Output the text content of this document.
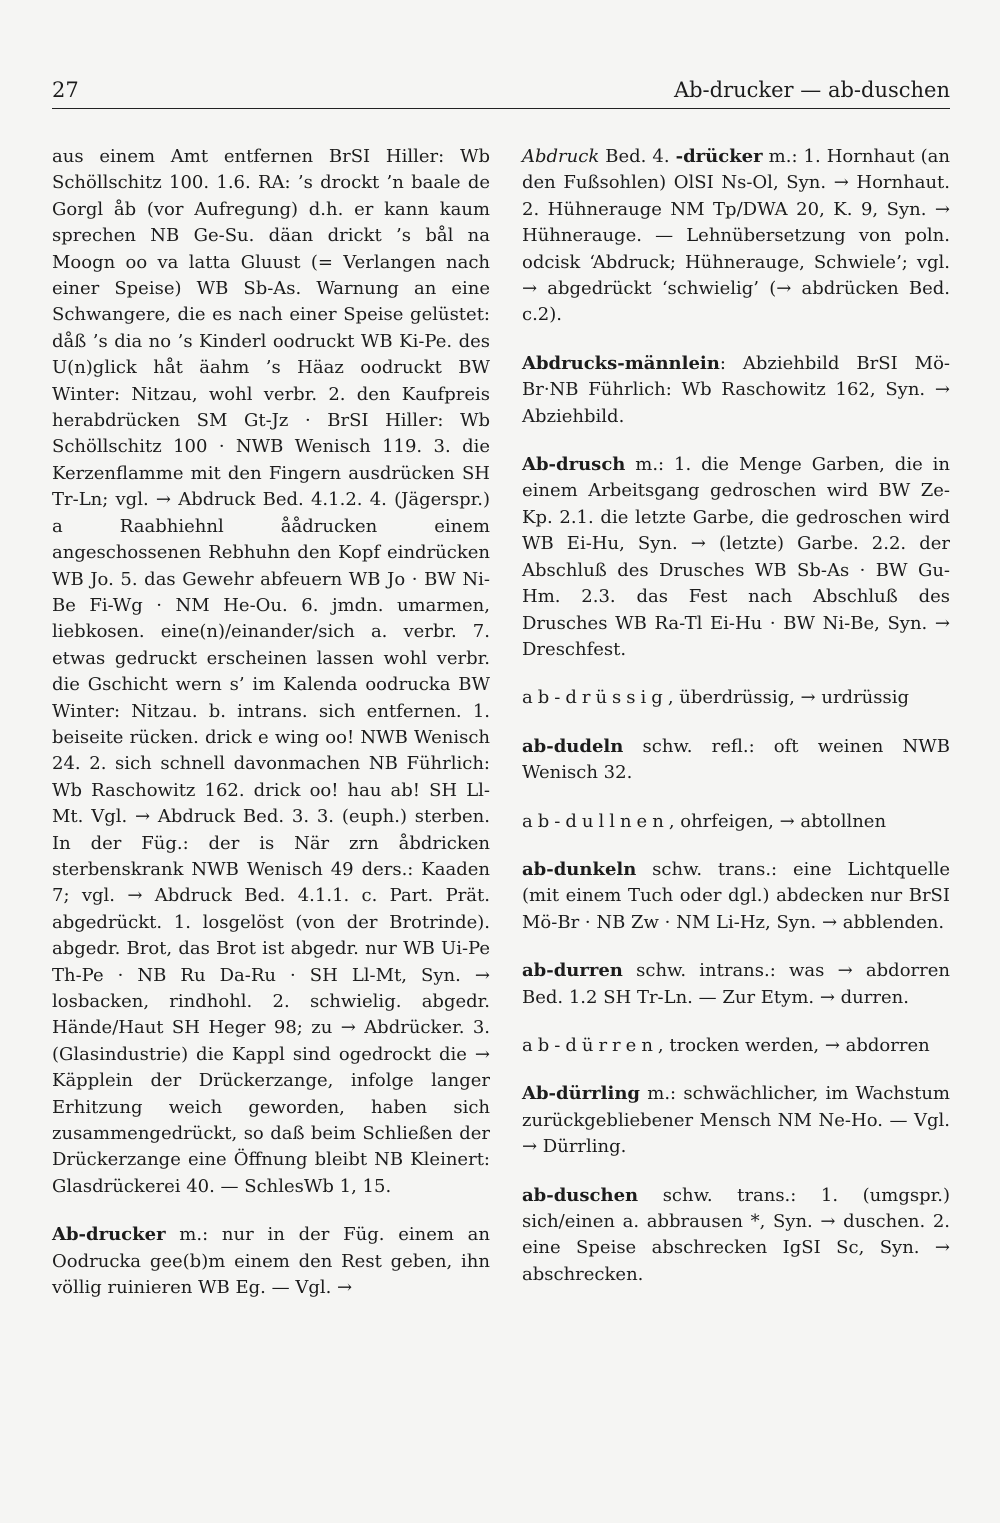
27	Ab-drucker — ab-duschen

aus einem Amt entfernen BrSI Hiller: Wb Schöllschitz 100. 1.6. RA: ’s drockt ’n baale de Gorgl åb (vor Aufregung) d.h. er kann kaum sprechen NB Ge-Su. däan drickt ’s bål na Moogn oo va latta Gluust (= Verlangen nach einer Speise) WB Sb-As. Warnung an eine Schwangere, die es nach einer Speise gelüstet: dåß ’s dia no ’s Kinderl oodruckt WB Ki-Pe. des U(n)glick håt äahm ’s Häaz oodruckt BW Winter: Nitzau, wohl verbr. 2. den Kaufpreis herabdrücken SM Gt-Jz · BrSI Hiller: Wb Schöllschitz 100 · NWB Wenisch 119. 3. die Kerzenflamme mit den Fingern ausdrücken SH Tr-Ln; vgl. → Abdruck Bed. 4.1.2. 4. (Jägerspr.) a Raabhiehnl åådrucken einem angeschossenen Rebhuhn den Kopf eindrücken WB Jo. 5. das Gewehr abfeuern WB Jo · BW Ni-Be Fi-Wg · NM He-Ou. 6. jmdn. umarmen, liebkosen. eine(n)/einander/sich a. verbr. 7. etwas gedruckt erscheinen lassen wohl verbr. die Gschicht wern s’ im Kalenda oodrucka BW Winter: Nitzau. b. intrans. sich entfernen. 1. beiseite rücken. drick e wing oo! NWB Wenisch 24. 2. sich schnell davonmachen NB Führlich: Wb Raschowitz 162. drick oo! hau ab! SH Ll-Mt. Vgl. → Abdruck Bed. 3. 3. (euph.) sterben. In der Füg.: der is När zrn åbdricken sterbenskrank NWB Wenisch 49 ders.: Kaaden 7; vgl. → Abdruck Bed. 4.1.1. c. Part. Prät. abgedrückt. 1. losgelöst (von der Brotrinde). abgedr. Brot, das Brot ist abgedr. nur WB Ui-Pe Th-Pe · NB Ru Da-Ru · SH Ll-Mt, Syn. → losbacken, rindhohl. 2. schwielig. abgedr. Hände/Haut SH Heger 98; zu → Abdrücker. 3. (Glasindustrie) die Kappl sind ogedrockt die → Käpplein der Drückerzange, infolge langer Erhitzung weich geworden, haben sich zusammengedrückt, so daß beim Schließen der Drückerzange eine Öffnung bleibt NB Kleinert: Glasdrückerei 40. — SchlesWb 1, 15.

Ab-drucker m.: nur in der Füg. einem an Oodrucka gee(b)m einem den Rest geben, ihn völlig ruinieren WB Eg. — Vgl. →

Abdruck Bed. 4. -drücker m.: 1. Hornhaut (an den Fußsohlen) OlSI Ns-Ol, Syn. → Hornhaut. 2. Hühnerauge NM Tp/DWA 20, K. 9, Syn. → Hühnerauge. — Lehnübersetzung von poln. odcisk ‘Abdruck; Hühnerauge, Schwiele’; vgl. → abgedrückt ‘schwielig’ (→ abdrücken Bed. c.2).

Abdrucks-männlein: Abziehbild BrSI Mö-Br·NB Führlich: Wb Raschowitz 162, Syn. → Abziehbild.

Ab-drusch m.: 1. die Menge Garben, die in einem Arbeitsgang gedroschen wird BW Ze-Kp. 2.1. die letzte Garbe, die gedroschen wird WB Ei-Hu, Syn. → (letzte) Garbe. 2.2. der Abschluß des Drusches WB Sb-As · BW Gu-Hm. 2.3. das Fest nach Abschluß des Drusches WB Ra-Tl Ei-Hu · BW Ni-Be, Syn. → Dreschfest.

ab-drüssig, überdrüssig, → urdrüssig

ab-dudeln schw. refl.: oft weinen NWB Wenisch 32.

ab-dullnen, ohrfeigen, → abtollnen

ab-dunkeln schw. trans.: eine Lichtquelle (mit einem Tuch oder dgl.) abdecken nur BrSI Mö-Br · NB Zw · NM Li-Hz, Syn. → abblenden.

ab-durren schw. intrans.: was → abdorren Bed. 1.2 SH Tr-Ln. — Zur Etym. → durren.

ab-dürren, trocken werden, → abdorren

Ab-dürrling m.: schwächlicher, im Wachstum zurückgebliebener Mensch NM Ne-Ho. — Vgl. → Dürrling.

ab-duschen schw. trans.: 1. (umgspr.) sich/einen a. abbrausen *, Syn. → duschen. 2. eine Speise abschrecken IgSI Sc, Syn. → abschrecken.
